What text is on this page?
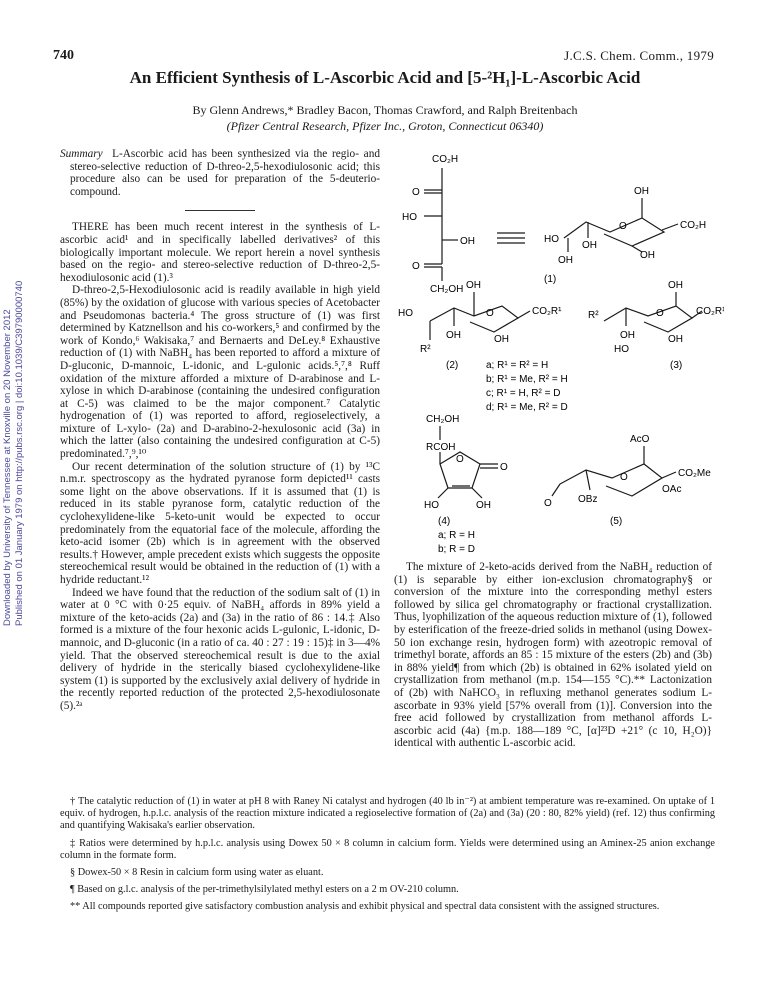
740	J.C.S. Chem. Comm., 1979
An Efficient Synthesis of L-Ascorbic Acid and [5-²H₁]-L-Ascorbic Acid
By Glenn Andrews,* Bradley Bacon, Thomas Crawford, and Ralph Breitenbach
(Pfizer Central Research, Pfizer Inc., Groton, Connecticut 06340)
Downloaded by University of Tennessee at Knoxville on 20 November 2012 Published on 01 January 1979 on http://pubs.rsc.org | doi:10.1039/C39790000740

Summary L-Ascorbic acid has been synthesized via the regio- and stereo-selective reduction of D-threo-2,5-hexodiulosonic acid; this procedure also can be used for preparation of the 5-deuterio-compound.

THERE has been much recent interest in the synthesis of L-ascorbic acid¹ and in specifically labelled derivatives² of this biologically important molecule. We report herein a novel synthesis based on the regio- and stereo-selective reduction of D-threo-2,5-hexodiulosonic acid (1).³

D-threo-2,5-Hexodiulosonic acid is readily available in high yield (85%) by the oxidation of glucose with various species of Acetobacter and Pseudomonas bacteria.⁴ The gross structure of (1) was first determined by Katznellson and his co-workers,⁵ and confirmed by the work of Kondo,⁶ Wakisaka,⁷ and Bernaerts and DeLey.⁸ Exhaustive reduction of (1) with NaBH₄ has been reported to afford a mixture of D-gluconic, D-mannoic, L-idonic, and L-gulonic acids.⁵,⁷,⁸ Ruff oxidation of the mixture afforded a mixture of D-arabinose and L-xylose in which D-arabinose (containing the undesired configuration at C-5) was claimed to be the major component.⁷ Catalytic hydrogenation of (1) was reported to afford, regioselectively, a mixture of L-xylo- (2a) and D-arabino-2-hexulosonic acid (3a) in which the latter (also containing the undesired configuration at C-5) predominated.⁷,⁹,¹⁰

Our recent determination of the solution structure of (1) by ¹³C n.m.r. spectroscopy as the hydrated pyranose form depicted¹¹ casts some light on the above observations. If it is assumed that (1) is reduced in its stable pyranose form, catalytic reduction of the cyclohexylidene-like 5-keto-unit would be expected to occur predominately from the equatorial face of the molecule, affording the keto-acid isomer (2b) which is in agreement with the observed results.† However, ample precedent exists which suggests the opposite stereochemical result would be obtained in the reduction of (1) with a hydride reductant.¹²

Indeed we have found that the reduction of the sodium salt of (1) in water at 0 °C with 0·25 equiv. of NaBH₄ affords in 89% yield a mixture of the keto-acids (2a) and (3a) in the ratio of 86 : 14.‡ Also formed is a mixture of the four hexonic acids L-gulonic, L-idonic, D-mannoic, and D-gluconic (in a ratio of ca. 40 : 27 : 19 : 15)‡ in 3—4% yield. That the observed stereochemical result is due to the axial delivery of hydride in the sterically biased cyclohexylidene-like system (1) is supported by the exclusively axial delivery of hydride in the recently reported reduction of the protected 2,5-hexodiulosonate (5).²ᵃ

CO₂H
O
HO
OH
O
CH₂OH
HO
O
OH
CO₂H
OH
OH
OH
(1)
OH
HO	O	CO₂R¹
OH
OH
R²
(2)	a; R¹ = R² = H
b; R¹ = Me, R² = H
c; R¹ = H, R² = D
d; R¹ = Me, R² = D
OH
R²	O	CO₂R¹
OH
OH
HO
(3)
CH₂OH
RCOH
O
O
HO	OH
(4)
a; R = H
b; R = D
AcO
O	CO₂Me
OAc
O	OBz
(5)

The mixture of 2-keto-acids derived from the NaBH₄ reduction of (1) is separable by either ion-exclusion chromatography§ or conversion of the mixture into the corresponding methyl esters followed by silica gel chromatography or fractional crystallization. Thus, lyophilization of the aqueous reduction mixture of (1), followed by esterification of the freeze-dried solids in methanol (using Dowex-50 ion exchange resin, hydrogen form) with azeotropic removal of trimethyl borate, affords an 85 : 15 mixture of the esters (2b) and (3b) in 88% yield¶ from which (2b) is obtained in 62% isolated yield on crystallization from methanol (m.p. 154—155 °C).** Lactonization of (2b) with NaHCO₃ in refluxing methanol generates sodium L-ascorbate in 93% yield [57% overall from (1)]. Conversion into the free acid followed by crystallization from methanol affords L-ascorbic acid (4a) {m.p. 188—189 °C, [α]²³D +21° (c 10, H₂O)} identical with authentic L-ascorbic acid.

† The catalytic reduction of (1) in water at pH 8 with Raney Ni catalyst and hydrogen (40 lb in⁻²) at ambient temperature was re-examined. On uptake of 1 equiv. of hydrogen, h.p.l.c. analysis of the reaction mixture indicated a regioselective formation of (2a) and (3a) (20 : 80, 82% yield) (ref. 12) thus confirming and quantifying Wakisaka's earlier observation.

‡ Ratios were determined by h.p.l.c. analysis using Dowex 50 × 8 column in calcium form. Yields were determined using an Aminex-25 anion exchange column in the formate form.

§ Dowex-50 × 8 Resin in calcium form using water as eluant.

¶ Based on g.l.c. analysis of the per-trimethylsilylated methyl esters on a 2 m OV-210 column.

** All compounds reported give satisfactory combustion analysis and exhibit physical and spectral data consistent with the assigned structures.
